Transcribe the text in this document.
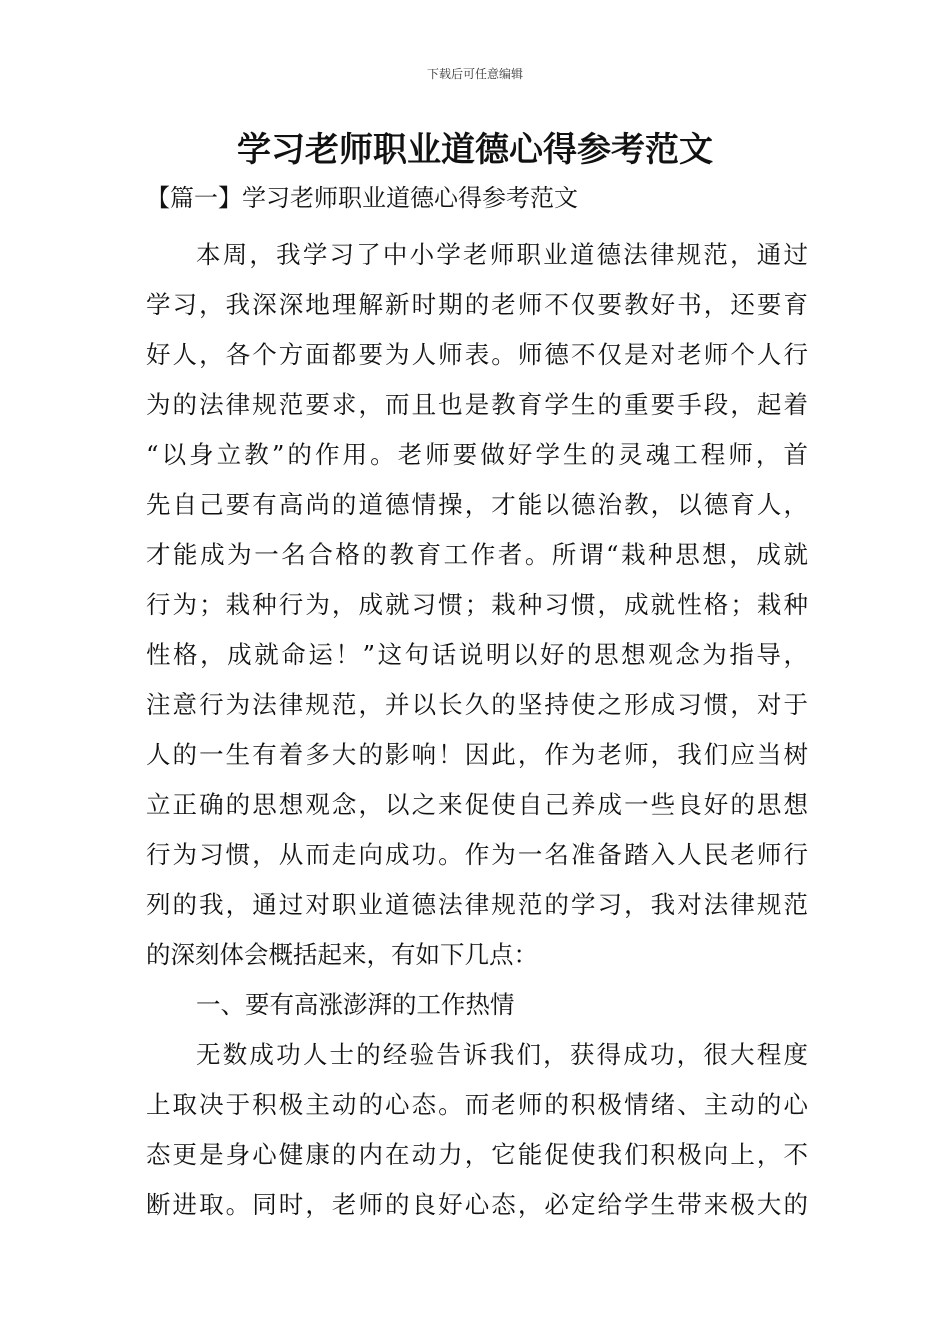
下载后可任意编辑
学习老师职业道德心得参考范文
【篇一】学习老师职业道德心得参考范文
本周，我学习了中小学老师职业道德法律规范，通过
学习，我深深地理解新时期的老师不仅要教好书，还要育
好人，各个方面都要为人师表。师德不仅是对老师个人行
为的法律规范要求，而且也是教育学生的重要手段，起着
“以身立教”的作用。老师要做好学生的灵魂工程师，首
先自己要有高尚的道德情操，才能以德治教，以德育人，
才能成为一名合格的教育工作者。所谓“栽种思想，成就
行为；栽种行为，成就习惯；栽种习惯，成就性格；栽种
性格，成就命运！”这句话说明以好的思想观念为指导，
注意行为法律规范，并以长久的坚持使之形成习惯，对于
人的一生有着多大的影响！因此，作为老师，我们应当树
立正确的思想观念，以之来促使自己养成一些良好的思想
行为习惯，从而走向成功。作为一名准备踏入人民老师行
列的我，通过对职业道德法律规范的学习，我对法律规范
的深刻体会概括起来，有如下几点：
一、要有高涨澎湃的工作热情
无数成功人士的经验告诉我们，获得成功，很大程度
上取决于积极主动的心态。而老师的积极情绪、主动的心
态更是身心健康的内在动力，它能促使我们积极向上，不
断进取。同时，老师的良好心态，必定给学生带来极大的
